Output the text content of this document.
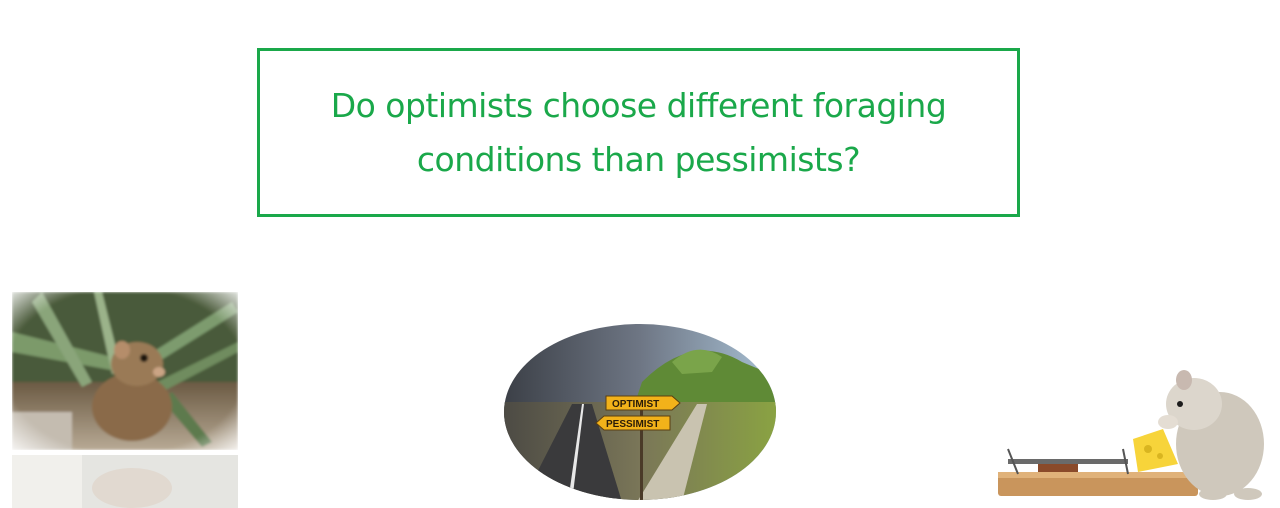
Do optimists choose different foraging
conditions than pessimists?
OPTIMIST
PESSIMIST
